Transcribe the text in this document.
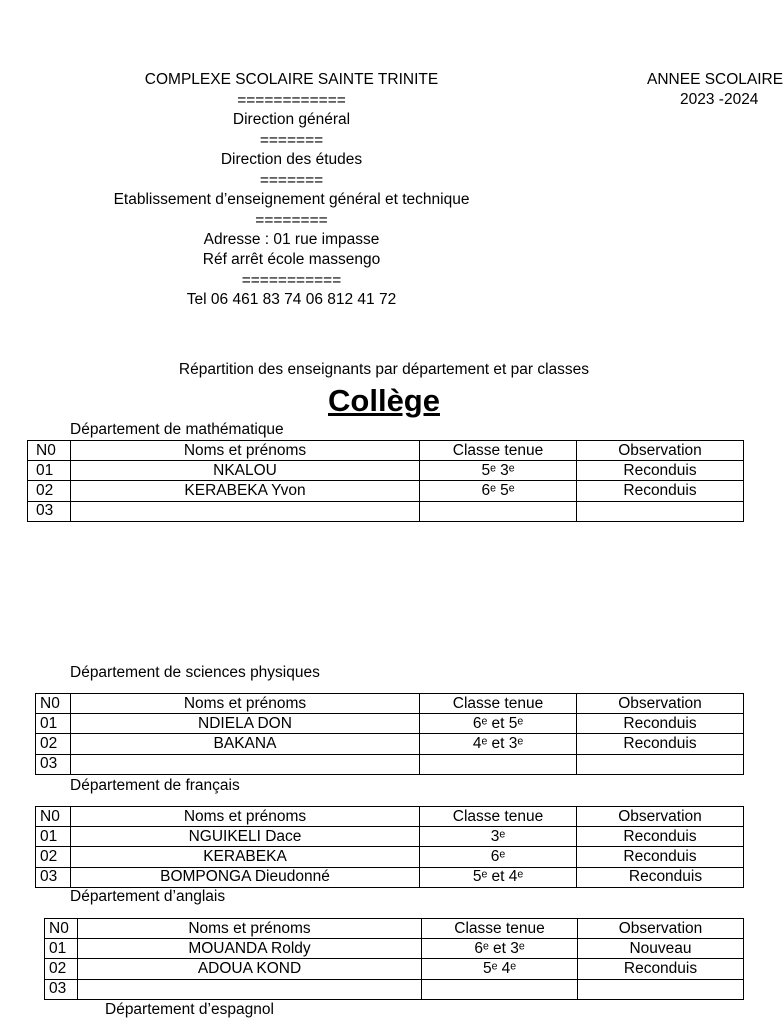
COMPLEXE SCOLAIRE SAINTE TRINITE
============
Direction général
=======
Direction des études
=======
Etablissement d’enseignement général et technique
========
Adresse : 01 rue impasse
Réf arrêt école massengo
===========
Tel 06 461 83 74 06 812 41 72
ANNEE SCOLAIRE
2023 -2024
Répartition des enseignants par département et par classes
Collège
Département de mathématique
Département de sciences physiques
Département de français
Département d’anglais
Département d’espagnol
N0	Noms et prénoms	Classe tenue	Observation
01	NKALOU	5ᵉ 3ᵉ	Reconduis
02	KERABEKA Yvon	6ᵉ 5ᵉ	Reconduis
03			
N0	Noms et prénoms	Classe tenue	Observation
01	NDIELA DON	6ᵉ et 5ᵉ	Reconduis
02	BAKANA	4ᵉ et 3ᵉ	Reconduis
03			
N0	Noms et prénoms	Classe tenue	Observation
01	NGUIKELI Dace	3ᵉ	Reconduis
02	KERABEKA	6ᵉ	Reconduis
03	BOMPONGA Dieudonné	5ᵉ et 4ᵉ	Reconduis
N0	Noms et prénoms	Classe tenue	Observation
01	MOUANDA Roldy	6ᵉ et 3ᵉ	Nouveau
02	ADOUA KOND	5ᵉ 4ᵉ	Reconduis
03			
